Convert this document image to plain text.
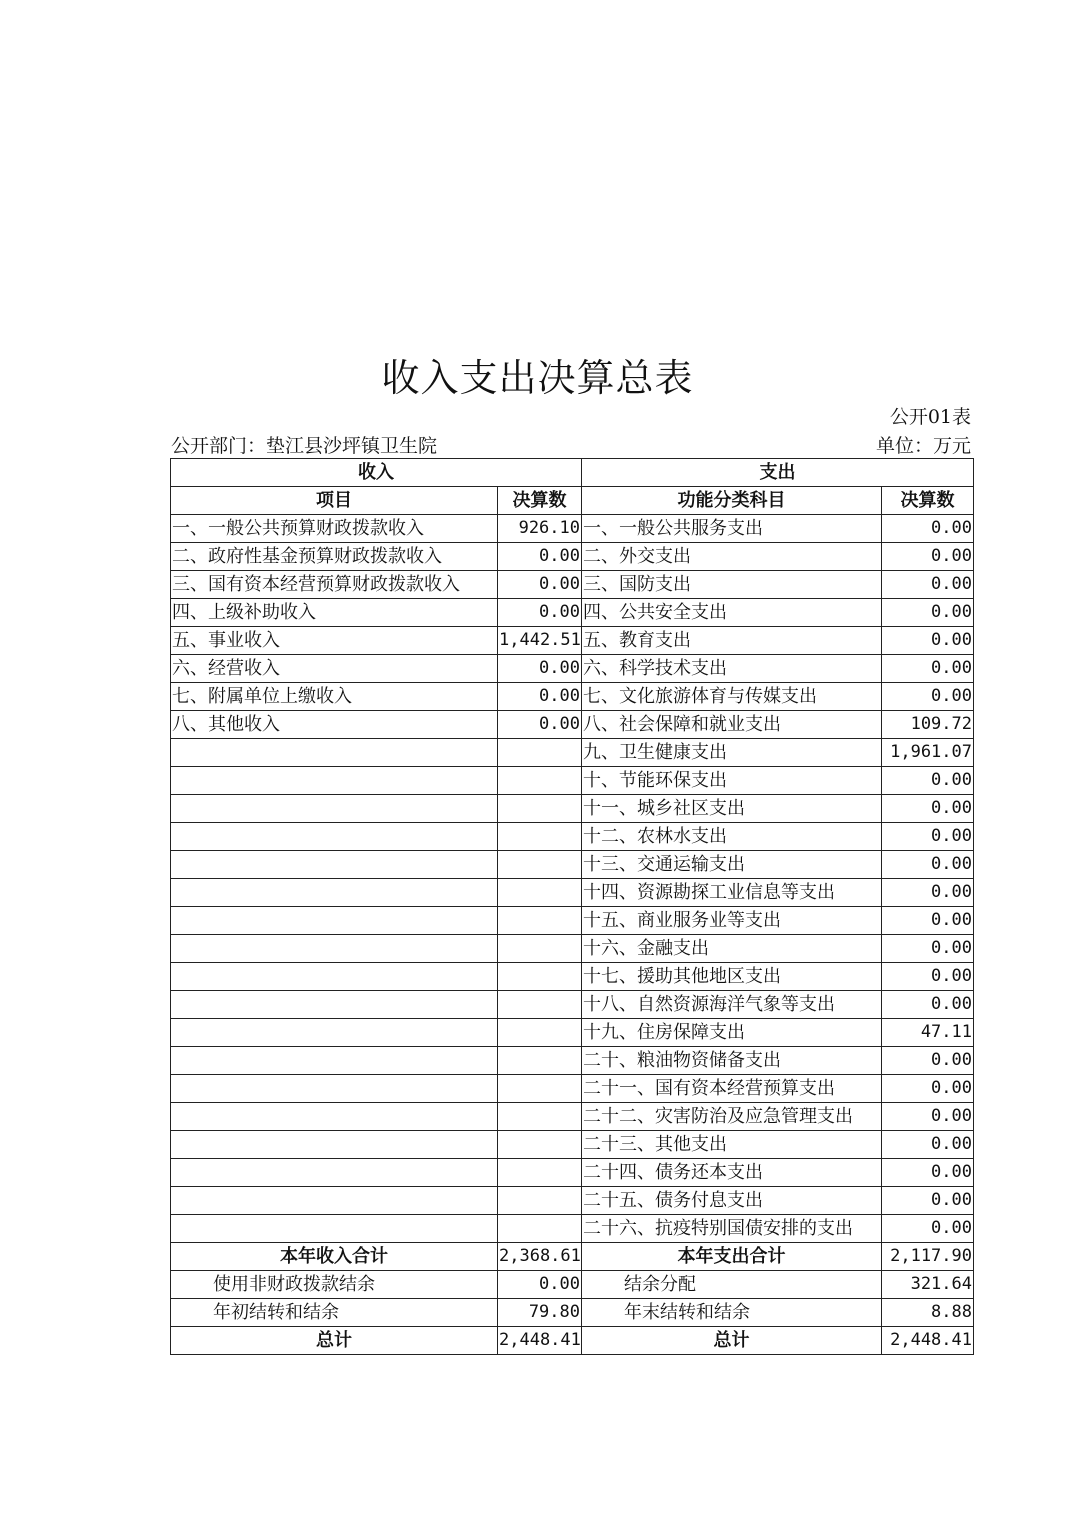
收入支出决算总表
公开01表
公开部门：垫江县沙坪镇卫生院	单位：万元
收入		支出	
项目	决算数	功能分类科目	决算数
一、一般公共预算财政拨款收入	926.10	一、一般公共服务支出	0.00
二、政府性基金预算财政拨款收入	0.00	二、外交支出	0.00
三、国有资本经营预算财政拨款收入	0.00	三、国防支出	0.00
四、上级补助收入	0.00	四、公共安全支出	0.00
五、事业收入	1,442.51	五、教育支出	0.00
六、经营收入	0.00	六、科学技术支出	0.00
七、附属单位上缴收入	0.00	七、文化旅游体育与传媒支出	0.00
八、其他收入	0.00	八、社会保障和就业支出	109.72
		九、卫生健康支出	1,961.07
		十、节能环保支出	0.00
		十一、城乡社区支出	0.00
		十二、农林水支出	0.00
		十三、交通运输支出	0.00
		十四、资源勘探工业信息等支出	0.00
		十五、商业服务业等支出	0.00
		十六、金融支出	0.00
		十七、援助其他地区支出	0.00
		十八、自然资源海洋气象等支出	0.00
		十九、住房保障支出	47.11
		二十、粮油物资储备支出	0.00
		二十一、国有资本经营预算支出	0.00
		二十二、灾害防治及应急管理支出	0.00
		二十三、其他支出	0.00
		二十四、债务还本支出	0.00
		二十五、债务付息支出	0.00
		二十六、抗疫特别国债安排的支出	0.00
本年收入合计	2,368.61	本年支出合计	2,117.90
使用非财政拨款结余	0.00	结余分配	321.64
年初结转和结余	79.80	年末结转和结余	8.88
总计	2,448.41	总计	2,448.41
